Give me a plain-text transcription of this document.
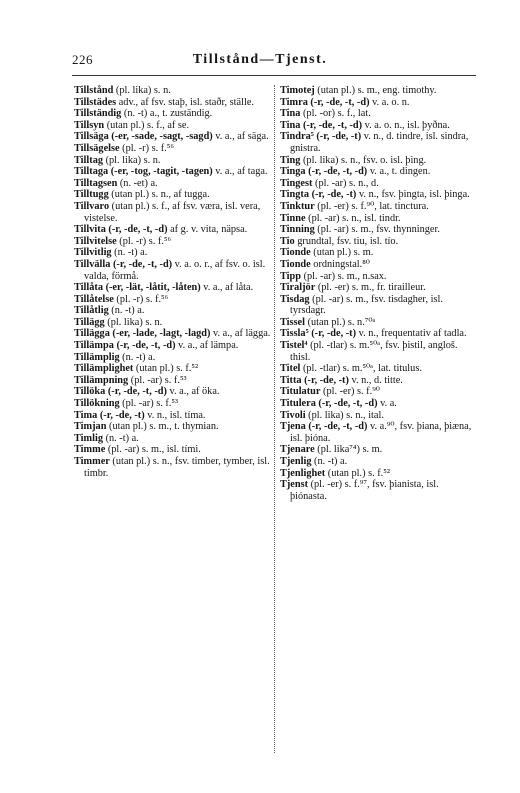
226	Tillstånd—Tjenst.

Tillstånd (pl. lika) s. n.

Tillstädes adv., af fsv. staþ, isl. staðr, ställe.

Tillständig (n. -t) a., t. zuständig.

Tillsyn (utan pl.) s. f., af se.

Tillsäga (-er, -sade, -sagt, -sagd) v. a., af säga.

Tillsägelse (pl. -r) s. f.⁵⁶

Tilltag (pl. lika) s. n.

Tilltaga (-er, -tog, -tagit, -tagen) v. a., af taga.

Tilltagsen (n. -et) a.

Tilltugg (utan pl.) s. n., af tugga.

Tillvaro (utan pl.) s. f., af fsv. væra, isl. vera, vistelse.

Tillvita (-r, -de, -t, -d) af g. v. vita, näpsa.

Tillvitelse (pl. -r) s. f.⁵⁶

Tillvitlig (n. -t) a.

Tillvälla (-r, -de, -t, -d) v. a. o. r., af fsv. o. isl. valda, förmå.

Tillåta (-er, -lät, -låtit, -låten) v. a., af låta.

Tillåtelse (pl. -r) s. f.⁵⁶

Tillåtlig (n. -t) a.

Tillägg (pl. lika) s. n.

Tillägga (-er, -lade, -lagt, -lagd) v. a., af lägga.

Tillämpa (-r, -de, -t, -d) v. a., af lämpa.

Tillämplig (n. -t) a.

Tillämplighet (utan pl.) s. f.⁵²

Tillämpning (pl. -ar) s. f.⁵³

Tillöka (-r, -de, -t, -d) v. a., af öka.

Tillökning (pl. -ar) s. f.⁵³

Tima (-r, -de, -t) v. n., isl. tíma.

Timjan (utan pl.) s. m., t. thymian.

Timlig (n. -t) a.

Timme (pl. -ar) s. m., isl. tími.

Timmer (utan pl.) s. n., fsv. timber, tymber, isl. timbr.

Timotej (utan pl.) s. m., eng. timothy.

Timra (-r, -de, -t, -d) v. a. o. n.

Tina (pl. -or) s. f., lat.

Tina (-r, -de, -t, -d) v. a. o. n., isl. þyðna.

Tindra⁵ (-r, -de, -t) v. n., d. tindre, isl. sindra, gnistra.

Ting (pl. lika) s. n., fsv. o. isl. þing.

Tinga (-r, -de, -t, -d) v. a., t. dingen.

Tingest (pl. -ar) s. n., d.

Tingta (-r, -de, -t) v. n., fsv. þingta, isl. þinga.

Tinktur (pl. -er) s. f.⁹⁰, lat. tinctura.

Tinne (pl. -ar) s. n., isl. tindr.

Tinning (pl. -ar) s. m., fsv. thynninger.

Tio grundtal, fsv. tiu, isl. tío.

Tionde (utan pl.) s. m.

Tionde ordningstal.⁸⁰

Tipp (pl. -ar) s. m., n.sax.

Tiraljör (pl. -er) s. m., fr. tirailleur.

Tisdag (pl. -ar) s. m., fsv. tisdagher, isl. tyrsdagr.

Tissel (utan pl.) s. n.⁷⁰ᵃ

Tissla⁵ (-r, -de, -t) v. n., frequentativ af tadla.

Tistel⁴ (pl. -tlar) s. m.⁵⁰ᵃ, fsv. þistil, angloš. thisl.

Titel (pl. -tlar) s. m.⁵⁰ᵃ, lat. titulus.

Titta (-r, -de, -t) v. n., d. titte.

Titulatur (pl. -er) s. f.⁹⁰

Titulera (-r, -de, -t, -d) v. a.

Tivoli (pl. lika) s. n., ital.

Tjena (-r, -de, -t, -d) v. a.⁹⁰, fsv. þiana, þiæna, isl. þióna.

Tjenare (pl. lika⁷⁴) s. m.

Tjenlig (n. -t) a.

Tjenlighet (utan pl.) s. f.⁵²

Tjenst (pl. -er) s. f.⁹⁷, fsv. þianista, isl. þiónasta.
